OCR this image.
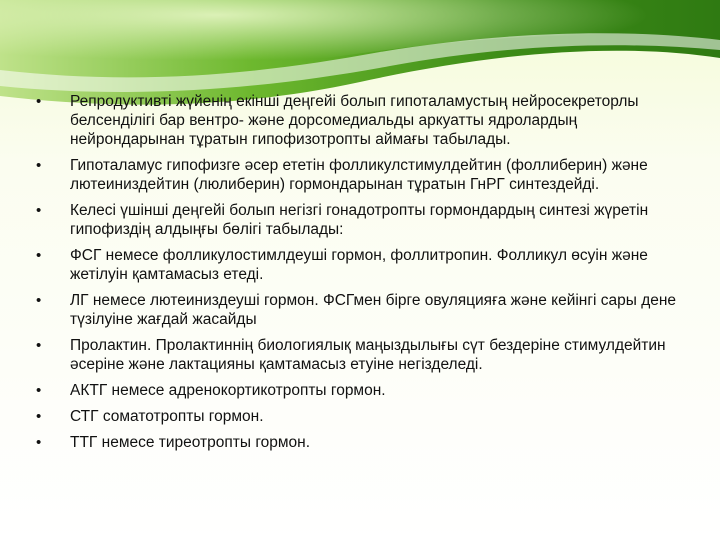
• Репродуктивті жүйенің екінші деңгейі болып гипоталамустың нейросекреторлы белсенділігі бар вентро- және дорсомедиальды аркуатты ядролардың нейрондарынан тұратын гипофизотропты аймағы табылады.
• Гипоталамус гипофизге әсер ететін фолликулстимулдейтин (фоллиберин) және лютеиниздейтин (люлиберин) гормондарынан тұратын ГнРГ синтездейді.
• Келесі үшінші деңгейі болып негізгі гонадотропты гормондардың синтезі жүретін гипофиздің алдыңғы бөлігі табылады:
• ФСГ немесе фолликулостимлдеуші гормон, фоллитропин. Фолликул өсуін және жетілуін қамтамасыз етеді.
• ЛГ немесе лютеиниздеуші гормон. ФСГмен бірге овуляцияға және кейінгі сары дене түзілуіне жағдай жасайды
• Пролактин. Пролактиннің биологиялық маңыздылығы сүт бездеріне стимулдейтин әсеріне және лактацияны қамтамасыз етуіне негізделеді.
• АКТГ немесе адренокортикотропты гормон.
• СТГ соматотропты гормон.
• ТТГ немесе тиреотропты гормон.
